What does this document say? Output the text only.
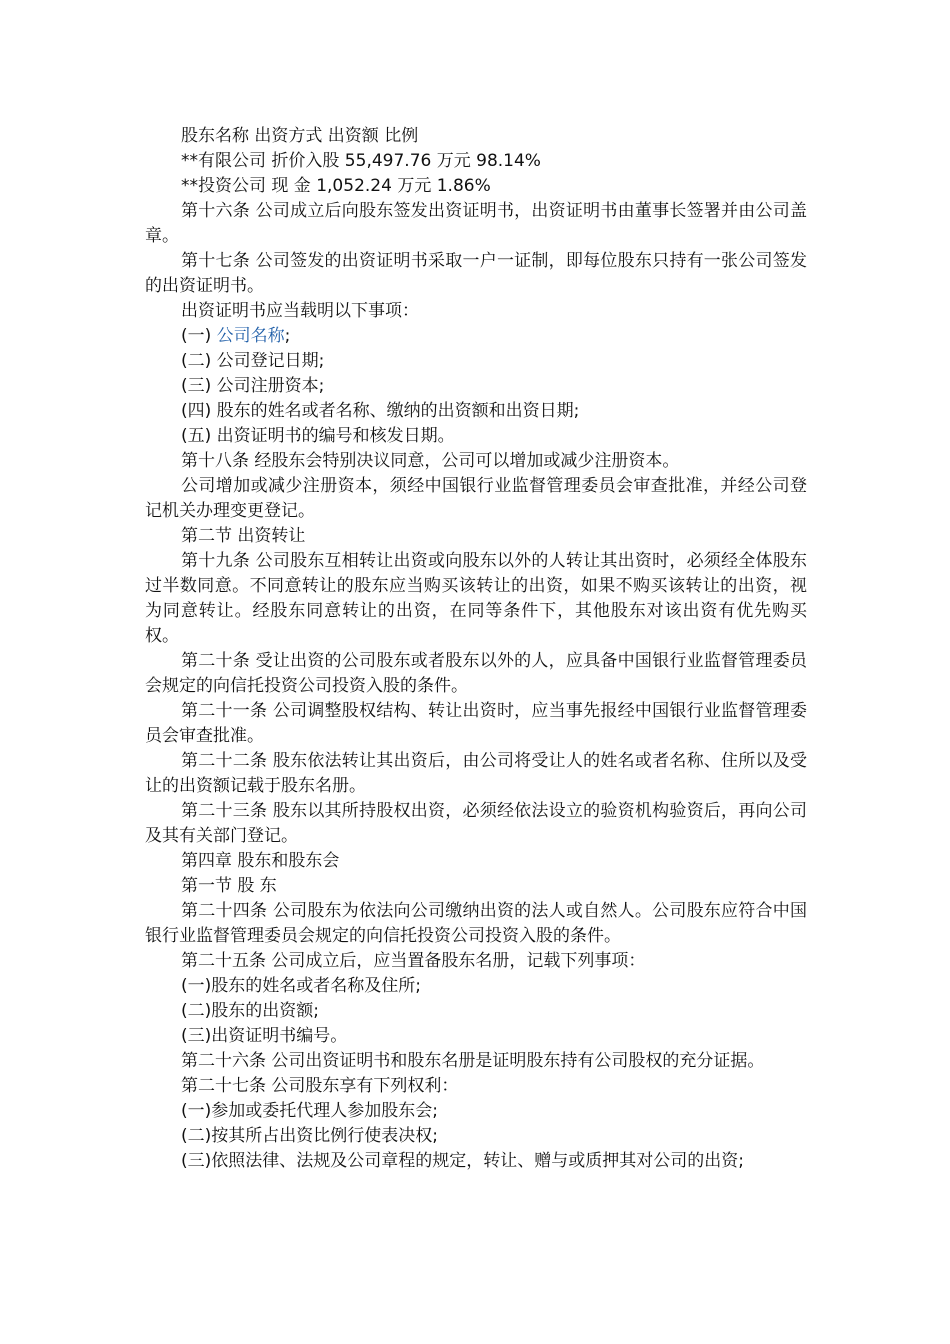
股东名称 出资方式 出资额 比例

**有限公司 折价入股 55,497.76 万元 98.14%

**投资公司 现 金 1,052.24 万元 1.86%

第十六条 公司成立后向股东签发出资证明书，出资证明书由董事长签署并由公司盖章。

第十七条 公司签发的出资证明书采取一户一证制，即每位股东只持有一张公司签发的出资证明书。

出资证明书应当载明以下事项：

(一) 公司名称;

(二) 公司登记日期;

(三) 公司注册资本;

(四) 股东的姓名或者名称、缴纳的出资额和出资日期;

(五) 出资证明书的编号和核发日期。

第十八条 经股东会特别决议同意，公司可以增加或减少注册资本。

公司增加或减少注册资本，须经中国银行业监督管理委员会审查批准，并经公司登记机关办理变更登记。

第二节 出资转让

第十九条 公司股东互相转让出资或向股东以外的人转让其出资时，必须经全体股东过半数同意。不同意转让的股东应当购买该转让的出资，如果不购买该转让的出资，视为同意转让。经股东同意转让的出资，在同等条件下，其他股东对该出资有优先购买权。

第二十条 受让出资的公司股东或者股东以外的人，应具备中国银行业监督管理委员会规定的向信托投资公司投资入股的条件。

第二十一条 公司调整股权结构、转让出资时，应当事先报经中国银行业监督管理委员会审查批准。

第二十二条 股东依法转让其出资后，由公司将受让人的姓名或者名称、住所以及受让的出资额记载于股东名册。

第二十三条 股东以其所持股权出资，必须经依法设立的验资机构验资后，再向公司及其有关部门登记。

第四章 股东和股东会

第一节 股 东

第二十四条 公司股东为依法向公司缴纳出资的法人或自然人。公司股东应符合中国银行业监督管理委员会规定的向信托投资公司投资入股的条件。

第二十五条 公司成立后，应当置备股东名册，记载下列事项：

(一)股东的姓名或者名称及住所;

(二)股东的出资额;

(三)出资证明书编号。

第二十六条 公司出资证明书和股东名册是证明股东持有公司股权的充分证据。

第二十七条 公司股东享有下列权利：

(一)参加或委托代理人参加股东会;

(二)按其所占出资比例行使表决权;

(三)依照法律、法规及公司章程的规定，转让、赠与或质押其对公司的出资;
